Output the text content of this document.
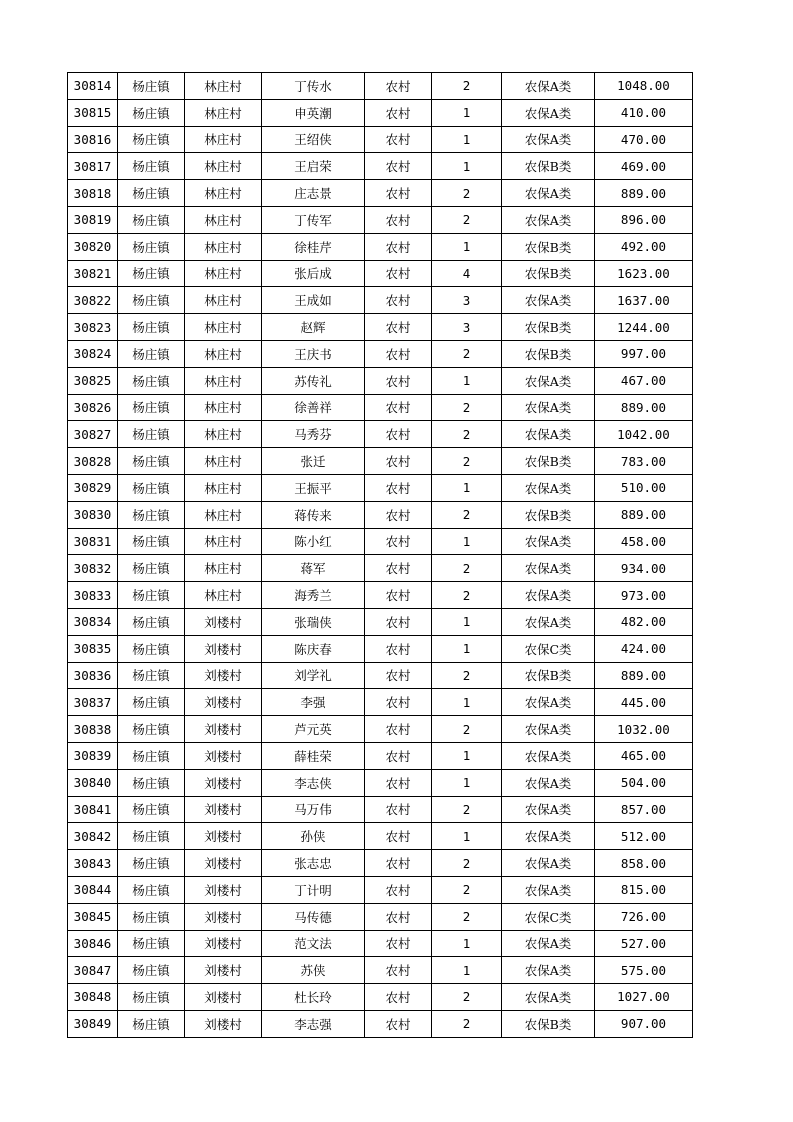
30814	杨庄镇	林庄村	丁传水	农村	2	农保A类	1048.00
30815	杨庄镇	林庄村	申英潮	农村	1	农保A类	410.00
30816	杨庄镇	林庄村	王绍侠	农村	1	农保A类	470.00
30817	杨庄镇	林庄村	王启荣	农村	1	农保B类	469.00
30818	杨庄镇	林庄村	庄志景	农村	2	农保A类	889.00
30819	杨庄镇	林庄村	丁传军	农村	2	农保A类	896.00
30820	杨庄镇	林庄村	徐桂芹	农村	1	农保B类	492.00
30821	杨庄镇	林庄村	张后成	农村	4	农保B类	1623.00
30822	杨庄镇	林庄村	王成如	农村	3	农保A类	1637.00
30823	杨庄镇	林庄村	赵辉	农村	3	农保B类	1244.00
30824	杨庄镇	林庄村	王庆书	农村	2	农保B类	997.00
30825	杨庄镇	林庄村	苏传礼	农村	1	农保A类	467.00
30826	杨庄镇	林庄村	徐善祥	农村	2	农保A类	889.00
30827	杨庄镇	林庄村	马秀芬	农村	2	农保A类	1042.00
30828	杨庄镇	林庄村	张迁	农村	2	农保B类	783.00
30829	杨庄镇	林庄村	王振平	农村	1	农保A类	510.00
30830	杨庄镇	林庄村	蒋传来	农村	2	农保B类	889.00
30831	杨庄镇	林庄村	陈小红	农村	1	农保A类	458.00
30832	杨庄镇	林庄村	蒋军	农村	2	农保A类	934.00
30833	杨庄镇	林庄村	海秀兰	农村	2	农保A类	973.00
30834	杨庄镇	刘楼村	张瑞侠	农村	1	农保A类	482.00
30835	杨庄镇	刘楼村	陈庆春	农村	1	农保C类	424.00
30836	杨庄镇	刘楼村	刘学礼	农村	2	农保B类	889.00
30837	杨庄镇	刘楼村	李强	农村	1	农保A类	445.00
30838	杨庄镇	刘楼村	芦元英	农村	2	农保A类	1032.00
30839	杨庄镇	刘楼村	薛桂荣	农村	1	农保A类	465.00
30840	杨庄镇	刘楼村	李志侠	农村	1	农保A类	504.00
30841	杨庄镇	刘楼村	马万伟	农村	2	农保A类	857.00
30842	杨庄镇	刘楼村	孙侠	农村	1	农保A类	512.00
30843	杨庄镇	刘楼村	张志忠	农村	2	农保A类	858.00
30844	杨庄镇	刘楼村	丁计明	农村	2	农保A类	815.00
30845	杨庄镇	刘楼村	马传德	农村	2	农保C类	726.00
30846	杨庄镇	刘楼村	范文法	农村	1	农保A类	527.00
30847	杨庄镇	刘楼村	苏侠	农村	1	农保A类	575.00
30848	杨庄镇	刘楼村	杜长玲	农村	2	农保A类	1027.00
30849	杨庄镇	刘楼村	李志强	农村	2	农保B类	907.00
